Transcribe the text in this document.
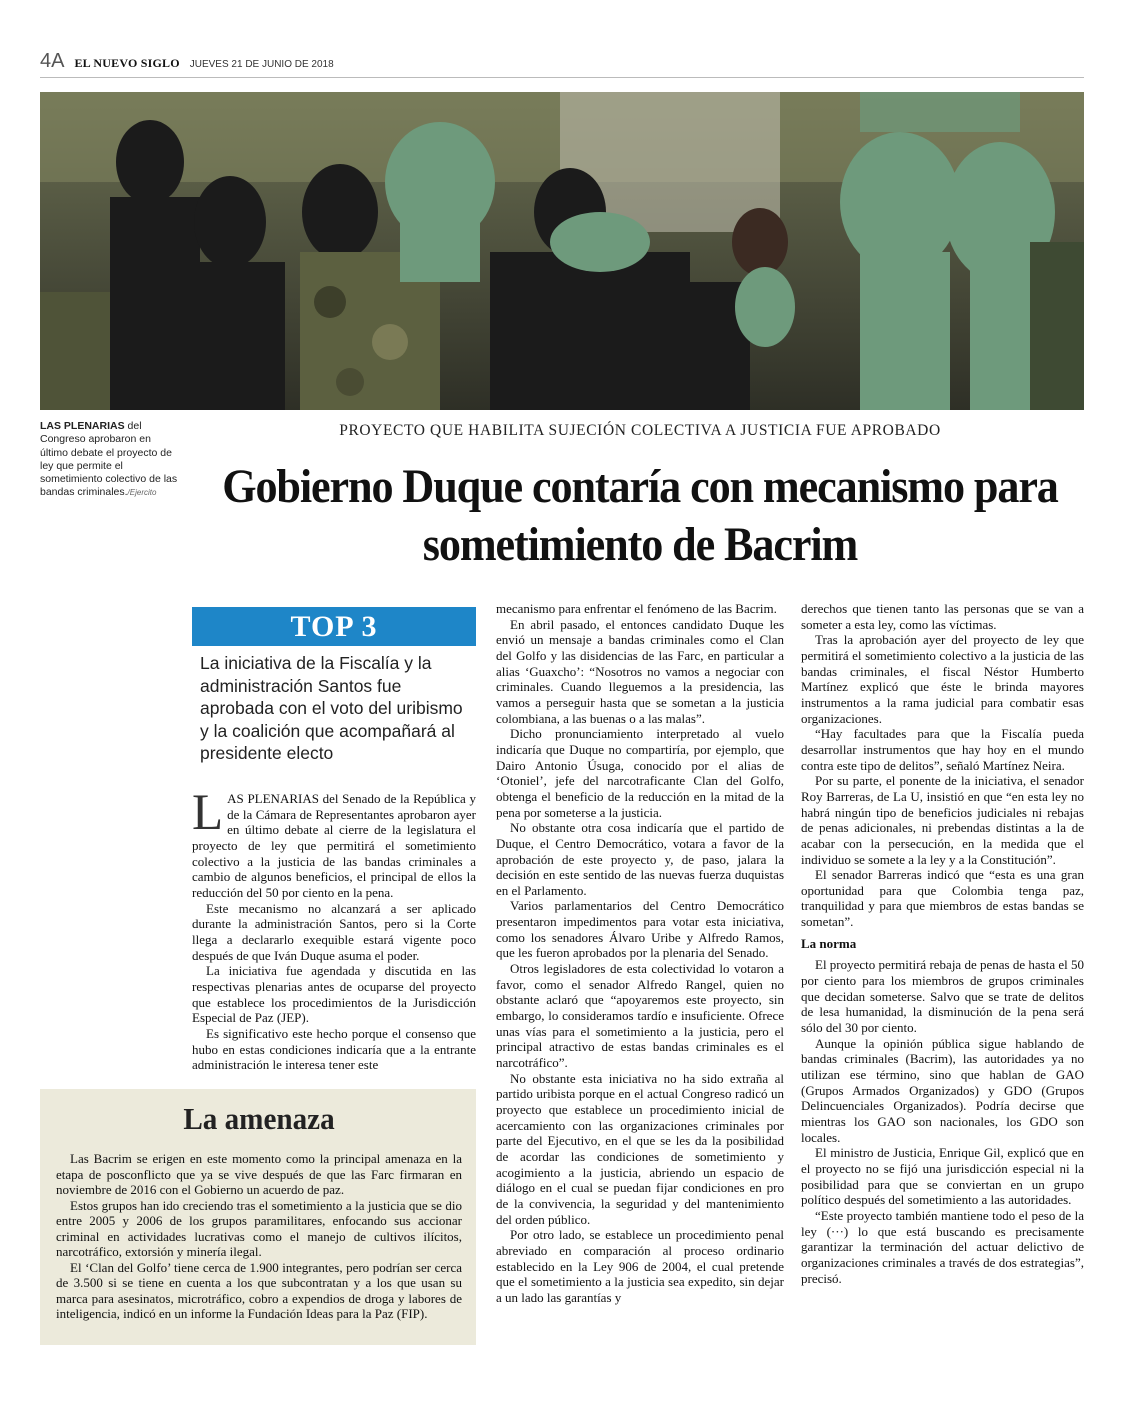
4A EL NUEVO SIGLO JUEVES 21 DE JUNIO DE 2018
LAS PLENARIAS del Congreso aprobaron en último debate el proyecto de ley que permite el sometimiento colectivo de las bandas criminales./Ejercito
PROYECTO QUE HABILITA SUJECIÓN COLECTIVA A JUSTICIA FUE APROBADO
Gobierno Duque contaría con mecanismo para sometimiento de Bacrim
TOP 3
La iniciativa de la Fiscalía y la administración Santos fue aprobada con el voto del uribismo y la coalición que acompañará al presidente electo

LAS PLENARIAS del Senado de la República y de la Cámara de Representantes aprobaron ayer en último debate al cierre de la legislatura el proyecto de ley que permitirá el sometimiento colectivo a la justicia de las bandas criminales a cambio de algunos beneficios, el principal de ellos la reducción del 50 por ciento en la pena.

Este mecanismo no alcanzará a ser aplicado durante la administración Santos, pero si la Corte llega a declararlo exequible estará vigente poco después de que Iván Duque asuma el poder.

La iniciativa fue agendada y discutida en las respectivas plenarias antes de ocuparse del proyecto que establece los procedimientos de la Jurisdicción Especial de Paz (JEP).

Es significativo este hecho porque el consenso que hubo en estas condiciones indicaría que a la entrante administración le interesa tener este

mecanismo para enfrentar el fenómeno de las Bacrim.

En abril pasado, el entonces candidato Duque les envió un mensaje a bandas criminales como el Clan del Golfo y las disidencias de las Farc, en particular a alias ‘Guaxcho’: “Nosotros no vamos a negociar con criminales. Cuando lleguemos a la presidencia, las vamos a perseguir hasta que se sometan a la justicia colombiana, a las buenas o a las malas”.

Dicho pronunciamiento interpretado al vuelo indicaría que Duque no compartiría, por ejemplo, que Dairo Antonio Úsuga, conocido por el alias de ‘Otoniel’, jefe del narcotraficante Clan del Golfo, obtenga el beneficio de la reducción en la mitad de la pena por someterse a la justicia.

No obstante otra cosa indicaría que el partido de Duque, el Centro Democrático, votara a favor de la aprobación de este proyecto y, de paso, jalara la decisión en este sentido de las nuevas fuerza duquistas en el Parlamento.

Varios parlamentarios del Centro Democrático presentaron impedimentos para votar esta iniciativa, como los senadores Álvaro Uribe y Alfredo Ramos, que les fueron aprobados por la plenaria del Senado.

Otros legisladores de esta colectividad lo votaron a favor, como el senador Alfredo Rangel, quien no obstante aclaró que “apoyaremos este proyecto, sin embargo, lo consideramos tardío e insuficiente. Ofrece unas vías para el sometimiento a la justicia, pero el principal atractivo de estas bandas criminales es el narcotráfico”.

No obstante esta iniciativa no ha sido extraña al partido uribista porque en el actual Congreso radicó un proyecto que establece un procedimiento inicial de acercamiento con las organizaciones criminales por parte del Ejecutivo, en el que se les da la posibilidad de acordar las condiciones de sometimiento y acogimiento a la justicia, abriendo un espacio de diálogo en el cual se puedan fijar condiciones en pro de la convivencia, la seguridad y del mantenimiento del orden público.

Por otro lado, se establece un procedimiento penal abreviado en comparación al proceso ordinario establecido en la Ley 906 de 2004, el cual pretende que el sometimiento a la justicia sea expedito, sin dejar a un lado las garantías y

derechos que tienen tanto las personas que se van a someter a esta ley, como las víctimas.

Tras la aprobación ayer del proyecto de ley que permitirá el sometimiento colectivo a la justicia de las bandas criminales, el fiscal Néstor Humberto Martínez explicó que éste le brinda mayores instrumentos a la rama judicial para combatir esas organizaciones.

“Hay facultades para que la Fiscalía pueda desarrollar instrumentos que hay hoy en el mundo contra este tipo de delitos”, señaló Martínez Neira.

Por su parte, el ponente de la iniciativa, el senador Roy Barreras, de La U, insistió en que “en esta ley no habrá ningún tipo de beneficios judiciales ni rebajas de penas adicionales, ni prebendas distintas a la de acabar con la persecución, en la medida que el individuo se somete a la ley y a la Constitución”.

El senador Barreras indicó que “esta es una gran oportunidad para que Colombia tenga paz, tranquilidad y para que miembros de estas bandas se sometan”.

La norma

El proyecto permitirá rebaja de penas de hasta el 50 por ciento para los miembros de grupos criminales que decidan someterse. Salvo que se trate de delitos de lesa humanidad, la disminución de la pena será sólo del 30 por ciento.

Aunque la opinión pública sigue hablando de bandas criminales (Bacrim), las autoridades ya no utilizan ese término, sino que hablan de GAO (Grupos Armados Organizados) y GDO (Grupos Delincuenciales Organizados). Podría decirse que mientras los GAO son nacionales, los GDO son locales.

El ministro de Justicia, Enrique Gil, explicó que en el proyecto no se fijó una jurisdicción especial ni la posibilidad para que se conviertan en un grupo político después del sometimiento a las autoridades.

“Este proyecto también mantiene todo el peso de la ley (···) lo que está buscando es precisamente garantizar la terminación del actuar delictivo de organizaciones criminales a través de dos estrategias”, precisó.

La amenaza

Las Bacrim se erigen en este momento como la principal amenaza en la etapa de posconflicto que ya se vive después de que las Farc firmaran en noviembre de 2016 con el Gobierno un acuerdo de paz.

Estos grupos han ido creciendo tras el sometimiento a la justicia que se dio entre 2005 y 2006 de los grupos paramilitares, enfocando sus accionar criminal en actividades lucrativas como el manejo de cultivos ilícitos, narcotráfico, extorsión y minería ilegal.

El ‘Clan del Golfo’ tiene cerca de 1.900 integrantes, pero podrían ser cerca de 3.500 si se tiene en cuenta a los que subcontratan y a los que usan su marca para asesinatos, microtráfico, cobro a expendios de droga y labores de inteligencia, indicó en un informe la Fundación Ideas para la Paz (FIP).
